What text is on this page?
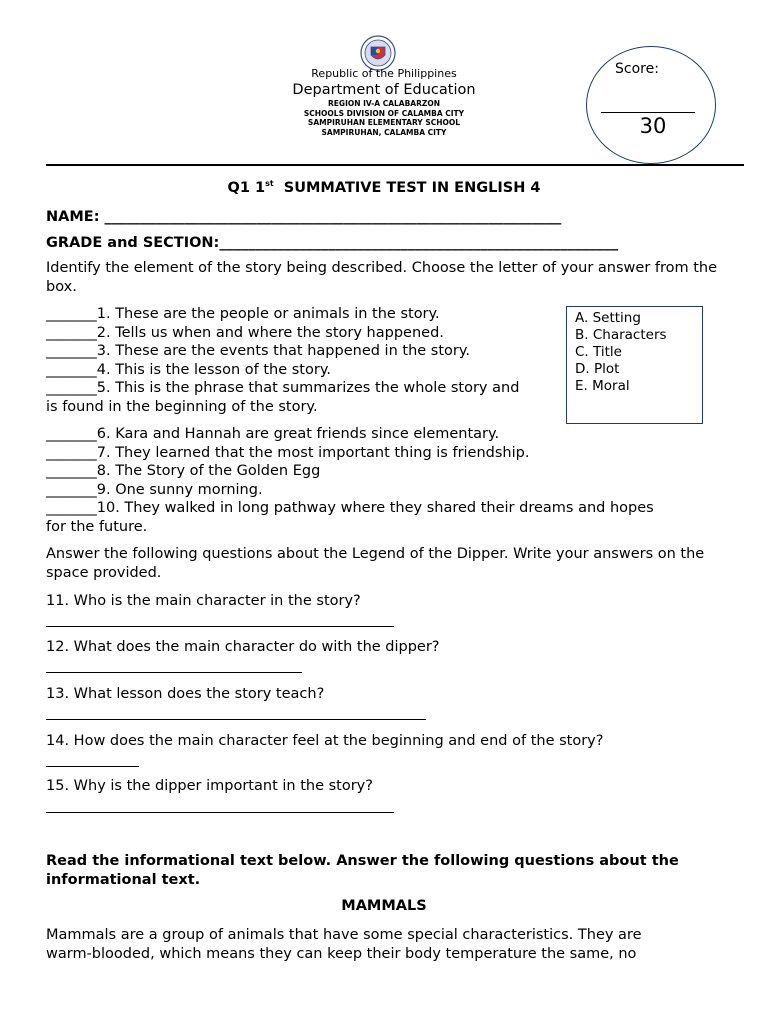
Republic of the Philippines
Department of Education
REGION IV-A CALABARZON
SCHOOLS DIVISION OF CALAMBA CITY
SAMPIRUHAN ELEMENTARY SCHOOL
SAMPIRUHAN, CALAMBA CITY
Score:
30
Q1 1st  SUMMATIVE TEST IN ENGLISH 4
NAME: _______________________________________________________________
GRADE and SECTION:_______________________________________________________
Identify the element of the story being described. Choose the letter of your answer from the box.
_______1. These are the people or animals in the story.
_______2. Tells us when and where the story happened.
_______3. These are the events that happened in the story.
_______4. This is the lesson of the story.
_______5. This is the phrase that summarizes the whole story and
is found in the beginning of the story.
A. Setting
B. Characters
C. Title
D. Plot
E. Moral
_______6. Kara and Hannah are great friends since elementary.
_______7. They learned that the most important thing is friendship.
_______8. The Story of the Golden Egg
_______9. One sunny morning.
_______10. They walked in long pathway where they shared their dreams and hopes
for the future.
Answer the following questions about the Legend of the Dipper. Write your answers on the space provided.
11. Who is the main character in the story?
12. What does the main character do with the dipper?
13. What lesson does the story teach?
14. How does the main character feel at the beginning and end of the story?
15. Why is the dipper important in the story?
Read the informational text below. Answer the following questions about the informational text.
MAMMALS
Mammals are a group of animals that have some special characteristics. They are
warm-blooded, which means they can keep their body temperature the same, no
